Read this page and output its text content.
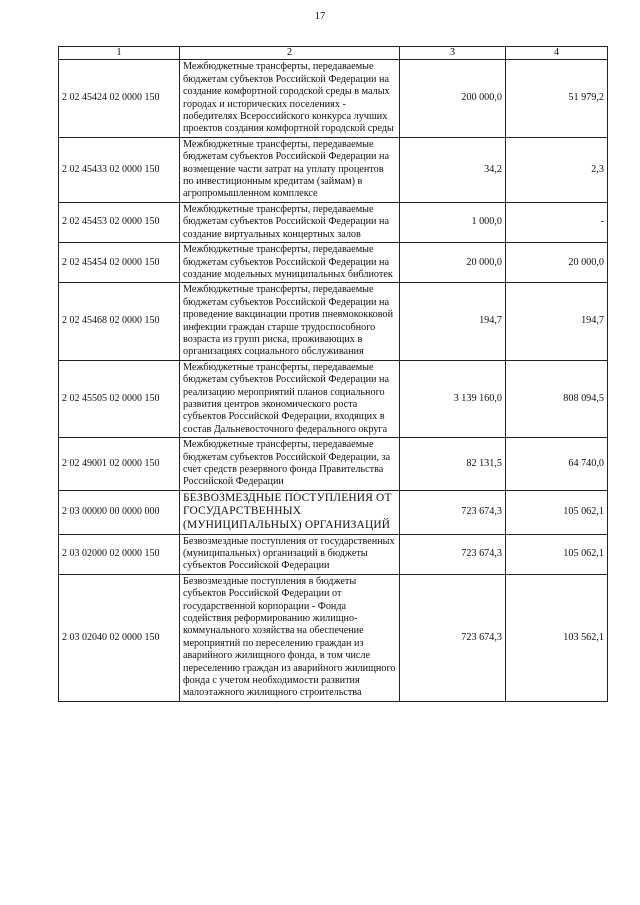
17
1	2	3	4
2 02 45424 02 0000 150	Межбюджетные трансферты, передаваемые бюджетам субъектов Российской Федерации на создание комфортной городской среды в малых городах и исторических поселениях - победителях Всероссийского конкурса лучших проектов создания комфортной городской среды	200 000,0	51 979,2
2 02 45433 02 0000 150	Межбюджетные трансферты, передаваемые бюджетам субъектов Российской Федерации на возмещение части затрат на уплату процентов по инвестиционным кредитам (займам) в агропромышленном комплексе	34,2	2,3
2 02 45453 02 0000 150	Межбюджетные трансферты, передаваемые бюджетам субъектов Российской Федерации на создание виртуальных концертных залов	1 000,0	-
2 02 45454 02 0000 150	Межбюджетные трансферты, передаваемые бюджетам субъектов Российской Федерации на создание модельных муниципальных библиотек	20 000,0	20 000,0
2 02 45468 02 0000 150	Межбюджетные трансферты, передаваемые бюджетам субъектов Российской Федерации на проведение вакцинации против пневмококковой инфекции граждан старше трудоспособного возраста из групп риска, проживающих в организациях социального обслуживания	194,7	194,7
2 02 45505 02 0000 150	Межбюджетные трансферты, передаваемые бюджетам субъектов Российской Федерации на реализацию мероприятий планов социального развития центров экономического роста субъектов Российской Федерации, входящих в состав Дальневосточного федерального округа	3 139 160,0	808 094,5
2 02 49001 02 0000 150	Межбюджетные трансферты, передаваемые бюджетам субъектов Российской Федерации, за счет средств резервного фонда Правительства Российской Федерации	82 131,5	64 740,0
2 03 00000 00 0000 000	БЕЗВОЗМЕЗДНЫЕ ПОСТУПЛЕНИЯ ОТ ГОСУДАРСТВЕННЫХ (МУНИЦИПАЛЬНЫХ) ОРГАНИЗАЦИЙ	723 674,3	105 062,1
2 03 02000 02 0000 150	Безвозмездные поступления от государственных (муниципальных) организаций в бюджеты субъектов Российской Федерации	723 674,3	105 062,1
2 03 02040 02 0000 150	Безвозмездные поступления в бюджеты субъектов Российской Федерации от государственной корпорации - Фонда содействия реформированию жилищно-коммунального хозяйства на обеспечение мероприятий по переселению граждан из аварийного жилищного фонда, в том числе переселению граждан из аварийного жилищного фонда с учетом необходимости развития малоэтажного жилищного строительства	723 674,3	103 562,1
